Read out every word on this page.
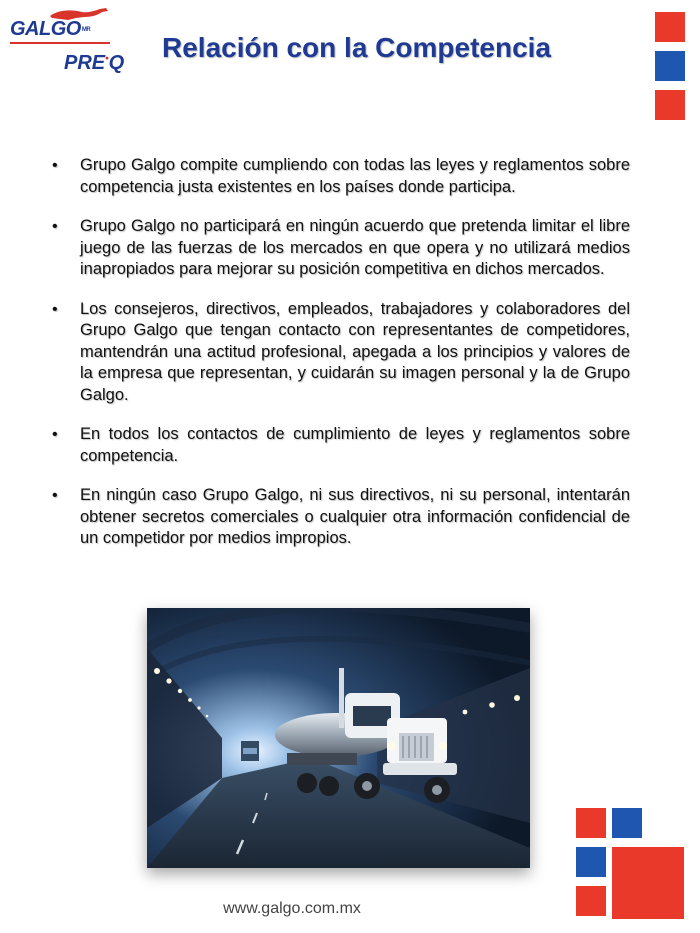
GALGOMR
PRE•Q Relación con la Competencia
• Grupo Galgo compite cumpliendo con todas las leyes y reglamentos sobre competencia justa existentes en los países donde participa.
• Grupo Galgo no participará en ningún acuerdo que pretenda limitar el libre juego de las fuerzas de los mercados en que opera y no utilizará medios inapropiados para mejorar su posición competitiva en dichos mercados.
• Los consejeros, directivos, empleados, trabajadores y colaboradores del Grupo Galgo que tengan contacto con representantes de competidores, mantendrán una actitud profesional, apegada a los principios y valores de la empresa que representan, y cuidarán su imagen personal y la de Grupo Galgo.
• En todos los contactos de cumplimiento de leyes y reglamentos sobre competencia.
• En ningún caso Grupo Galgo, ni sus directivos, ni su personal, intentarán obtener secretos comerciales o cualquier otra información confidencial de un competidor por medios impropios.
www.galgo.com.mx
